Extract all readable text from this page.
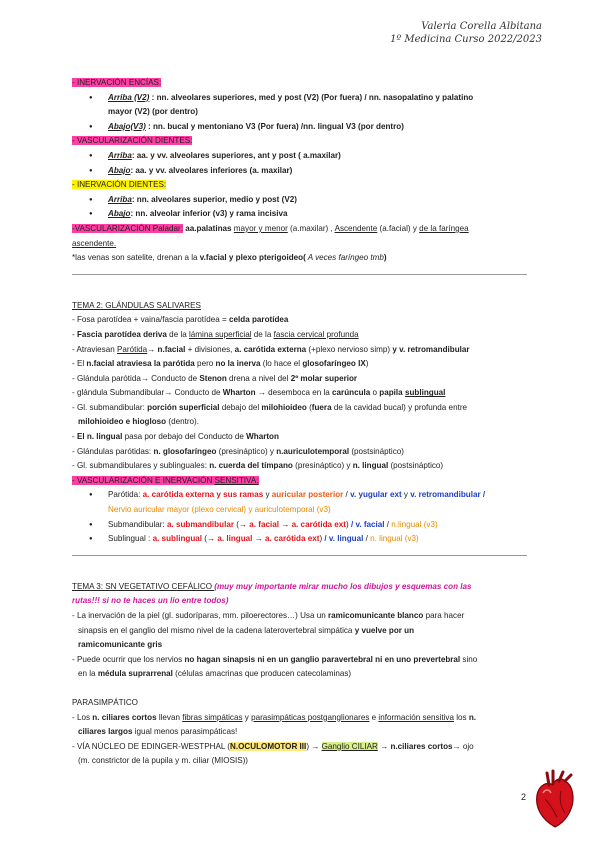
Valeria Corella Albitana
1º Medicina Curso 2022/2023
- INERVACIÓN ENCÍAS:
● Arriba (V2) : nn. alveolares superiores, med y post (V2) (Por fuera) / nn. nasopalatino y palatino
mayor (V2) (por dentro)
● Abajo(V3) : nn. bucal y mentoniano V3 (Por fuera) /nn. lingual V3 (por dentro)
- VASCULARIZACIÓN DIENTES:
● Arriba: aa. y vv. alveolares superiores, ant y post ( a.maxilar)
● Abajo: aa. y vv. alveolares inferiores (a. maxilar)
- INERVACIÓN DIENTES:
● Arriba: nn. alveolares superior, medio y post (V2)
● Abajo: nn. alveolar inferior (v3) y rama incisiva
-VASCULARIZACIÓN Paladar: aa.palatinas mayor y menor (a.maxilar) , Ascendente (a.facial) y de la faríngea
ascendente.
*las venas son satelite, drenan a la v.facial y plexo pterigoideo( A veces faríngeo tmb)
TEMA 2: GLÁNDULAS SALIVARES
- Fosa parotídea + vaina/fascia parotídea = celda parotídea
- Fascia parotídea deriva de la lámina superficial de la fascia cervical profunda
- Atraviesan Parótida→ n.facial + divisiones, a. carótida externa (+plexo nervioso simp) y v. retromandibular
- El n.facial atraviesa la parótida pero no la inerva (lo hace el glosofaríngeo IX)
- Glándula parótida→ Conducto de Stenon drena a nivel del 2º molar superior
- glándula Submandibular→ Conducto de Wharton → desemboca en la carúncula o papila sublingual
- Gl. submandibular: porción superficial debajo del milohioideo (fuera de la cavidad bucal) y profunda entre
milohioideo e hiogloso (dentro).
- El n. lingual pasa por debajo del Conducto de Wharton
- Glándulas parótidas: n. glosofaríngeo (presináptico) y n.auriculotemporal (postsináptico)
- Gl. submandibulares y sublinguales: n. cuerda del tímpano (presináptico) y n. lingual (postsináptico)
- VASCULARIZACIÓN E INERVACIÓN SENSITIVA:
● Parótida: a. carótida externa y sus ramas y auricular posterior / v. yugular ext y v. retromandibular /
Nervio auricular mayor (plexo cervical) y auriculotemporal (v3)
● Submandibular: a. submandibular (→ a. facial → a. carótida ext) / v. facial / n.lingual (v3)
● Sublingual : a. sublingual (→ a. lingual → a. carótida ext) / v. lingual / n. lingual (v3)
TEMA 3: SN VEGETATIVO CEFÁLICO (muy muy importante mirar mucho los dibujos y esquemas con las
rutas!!! si no te haces un lio entre todos)
- La inervación de la piel (gl. sudoríparas, mm. piloerectores…) Usa un ramicomunicante blanco para hacer
sinapsis en el ganglio del mismo nivel de la cadena laterovertebral simpática y vuelve por un
ramicomunicante gris
- Puede ocurrir que los nervios no hagan sinapsis ni en un ganglio paravertebral ni en uno prevertebral sino
en la médula suprarrenal (células amacrinas que producen catecolaminas)
PARASIMPÁTICO
- Los n. ciliares cortos llevan fibras simpáticas y parasimpáticas postganglionares e información sensitiva los n.
ciliares largos igual menos parasimpáticas!
- VÍA NÚCLEO DE EDINGER-WESTPHAL (N.OCULOMOTOR III) → Ganglio CILIAR → n.ciliares cortos→ ojo
(m. constrictor de la pupila y m. ciliar (MIOSIS))
2
